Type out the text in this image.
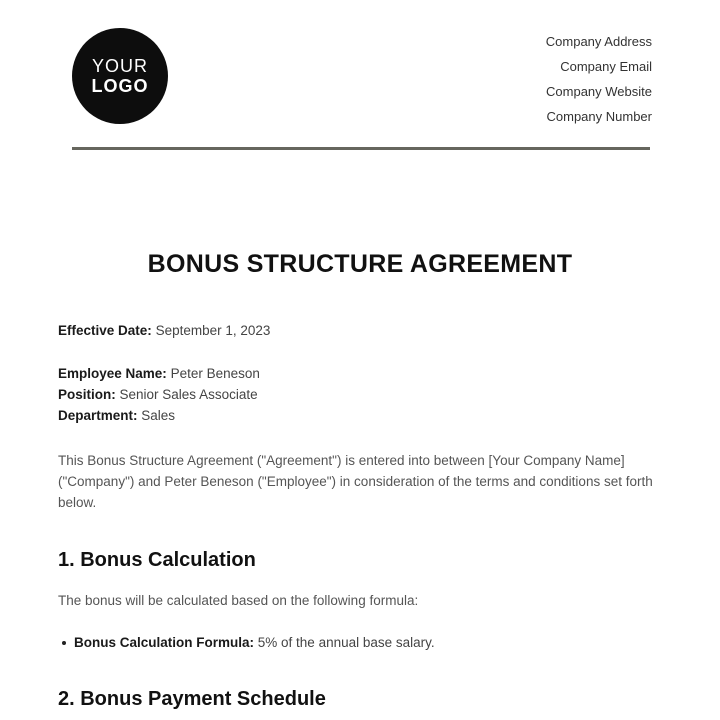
YOUR
LOGO
Company Address
Company Email
Company Website
Company Number
BONUS STRUCTURE AGREEMENT
Effective Date: September 1, 2023
Employee Name: Peter Beneson
Position: Senior Sales Associate
Department: Sales
This Bonus Structure Agreement ("Agreement") is entered into between [Your Company Name] ("Company") and Peter Beneson ("Employee") in consideration of the terms and conditions set forth below.
1. Bonus Calculation
The bonus will be calculated based on the following formula:
Bonus Calculation Formula:
5% of the annual base salary.
2. Bonus Payment Schedule
